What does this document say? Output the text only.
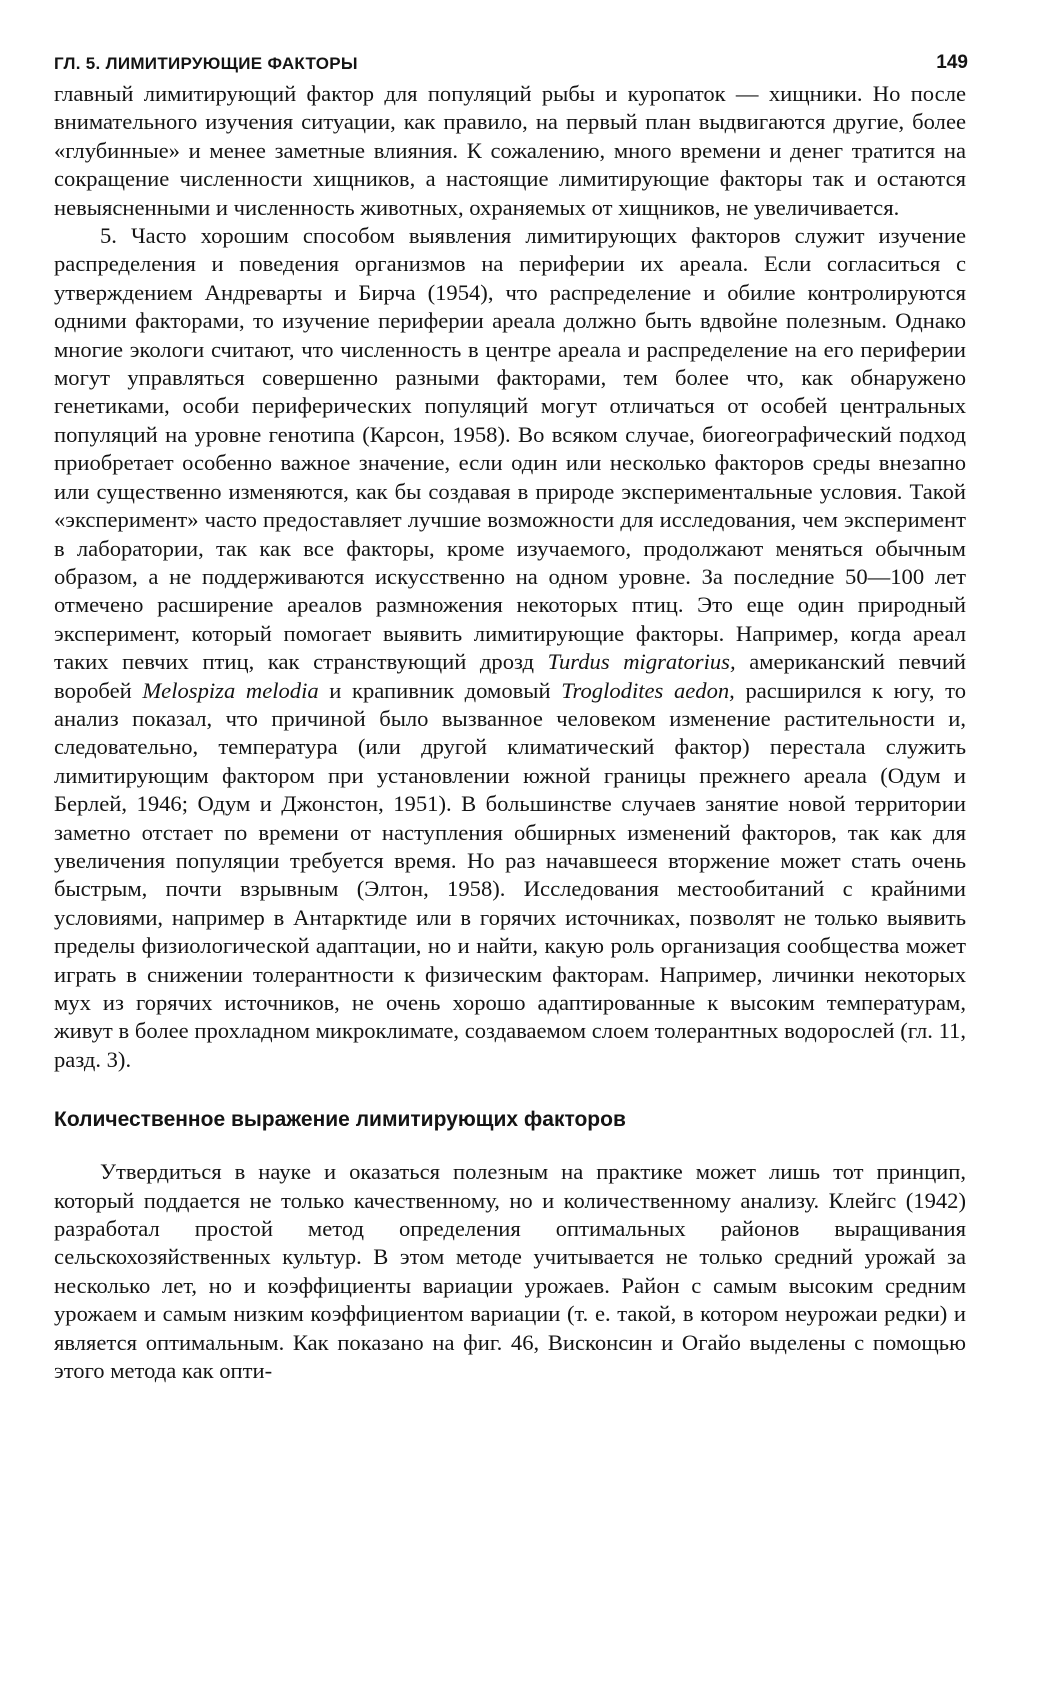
ГЛ. 5. ЛИМИТИРУЮЩИЕ ФАКТОРЫ	149

главный лимитирующий фактор для популяций рыбы и куропаток — хищники. Но после внимательного изучения ситуации, как правило, на первый план выдвигаются другие, более «глубинные» и менее заметные влияния. К сожалению, много времени и денег тратится на сокращение численности хищников, а настоящие лимитирующие факторы так и остаются невыясненными и численность животных, охраняемых от хищников, не увеличивается.

5. Часто хорошим способом выявления лимитирующих факторов служит изучение распределения и поведения организмов на периферии их ареала. Если согласиться с утверждением Андреварты и Бирча (1954), что распределение и обилие контролируются одними факторами, то изучение периферии ареала должно быть вдвойне полезным. Однако многие экологи считают, что численность в центре ареала и распределение на его периферии могут управляться совершенно разными факторами, тем более что, как обнаружено генетиками, особи периферических популяций могут отличаться от особей центральных популяций на уровне генотипа (Карсон, 1958). Во всяком случае, биогеографический подход приобретает особенно важное значение, если один или несколько факторов среды внезапно или существенно изменяются, как бы создавая в природе экспериментальные условия. Такой «эксперимент» часто предоставляет лучшие возможности для исследования, чем эксперимент в лаборатории, так как все факторы, кроме изучаемого, продолжают меняться обычным образом, а не поддерживаются искусственно на одном уровне. За последние 50—100 лет отмечено расширение ареалов размножения некоторых птиц. Это еще один природный эксперимент, который помогает выявить лимитирующие факторы. Например, когда ареал таких певчих птиц, как странствующий дрозд Turdus migratorius, американский певчий воробей Melospiza melodia и крапивник домовый Troglodites aedon, расширился к югу, то анализ показал, что причиной было вызванное человеком изменение растительности и, следовательно, температура (или другой климатический фактор) перестала служить лимитирующим фактором при установлении южной границы прежнего ареала (Одум и Берлей, 1946; Одум и Джонстон, 1951). В большинстве случаев занятие новой территории заметно отстает по времени от наступления обширных изменений факторов, так как для увеличения популяции требуется время. Но раз начавшееся вторжение может стать очень быстрым, почти взрывным (Элтон, 1958). Исследования местообитаний с крайними условиями, например в Антарктиде или в горячих источниках, позволят не только выявить пределы физиологической адаптации, но и найти, какую роль организация сообщества может играть в снижении толерантности к физическим факторам. Например, личинки некоторых мух из горячих источников, не очень хорошо адаптированные к высоким температурам, живут в более прохладном микроклимате, создаваемом слоем толерантных водорослей (гл. 11, разд. 3).

Количественное выражение лимитирующих факторов

Утвердиться в науке и оказаться полезным на практике может лишь тот принцип, который поддается не только качественному, но и количественному анализу. Клейгс (1942) разработал простой метод определения оптимальных районов выращивания сельскохозяйственных культур. В этом методе учитывается не только средний урожай за несколько лет, но и коэффициенты вариации урожаев. Район с самым высоким средним урожаем и самым низким коэффициентом вариации (т. е. такой, в котором неурожаи редки) и является оптимальным. Как показано на фиг. 46, Висконсин и Огайо выделены с помощью этого метода как опти-
